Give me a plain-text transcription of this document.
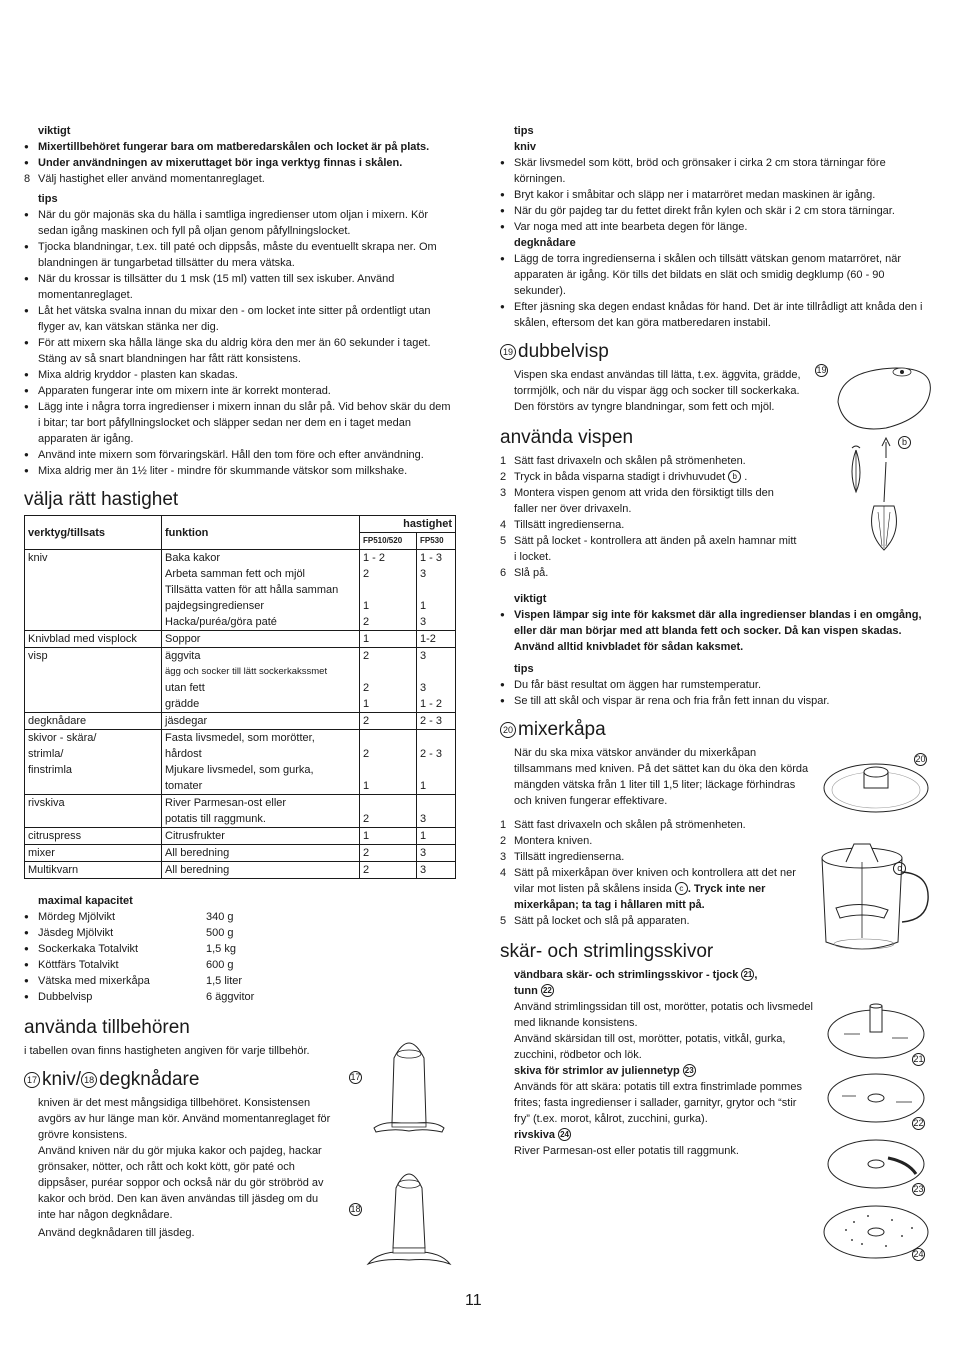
viktigt
● Mixertillbehöret fungerar bara om matberedarskålen och locket är på plats.
● Under användningen av mixeruttaget bör inga verktyg finnas i skålen.
8 Välj hastighet eller använd momentanreglaget.
tips
● När du gör majonäs ska du hälla i samtliga ingredienser utom oljan i mixern. Kör sedan igång maskinen och fyll på oljan genom påfyllningslocket.
● Tjocka blandningar, t.ex. till paté och dippsås, måste du eventuellt skrapa ner. Om blandningen är tungarbetad tillsätter du mera vätska.
● När du krossar is tillsätter du 1 msk (15 ml) vatten till sex iskuber. Använd momentanreglaget.
● Låt het vätska svalna innan du mixar den - om locket inte sitter på ordentligt utan flyger av, kan vätskan stänka ner dig.
● För att mixern ska hålla länge ska du aldrig köra den mer än 60 sekunder i taget. Stäng av så snart blandningen har fått rätt konsistens.
● Mixa aldrig kryddor - plasten kan skadas.
● Apparaten fungerar inte om mixern inte är korrekt monterad.
● Lägg inte i några torra ingredienser i mixern innan du slår på. Vid behov skär du dem i bitar; tar bort påfyllningslocket och släpper sedan ner dem en i taget medan apparaten är igång.
● Använd inte mixern som förvaringskärl. Håll den tom före och efter användning.
● Mixa aldrig mer än 1½ liter - mindre för skummande vätskor som milkshake.
välja rätt hastighet
verktyg/tillsats	funktion	hastighet	
		FP510/520	FP530
kniv	Baka kakor	1 - 2	1 - 3
	Arbeta samman fett och mjöl	2	3
	Tillsätta vatten för att hålla samman		
	pajdegsingredienser	1	1
	Hacka/puréa/göra paté	2	3
Knivblad med visplock	Soppor	1	1-2
visp	äggvita	2	3
	ägg och socker till lätt sockerkakssmet		
	utan fett	2	3
	grädde	1	1 - 2
degknådare	jäsdegar	2	2 - 3
skivor - skära/	Fasta livsmedel, som morötter,		
strimla/	hårdost	2	2 - 3
finstrimla	Mjukare livsmedel, som gurka,		
	tomater	1	1
rivskiva	River Parmesan-ost eller		
	potatis till raggmunk.	2	3
citruspress	Citrusfrukter	1	1
mixer	All beredning	2	3
Multikvarn	All beredning	2	3
maximal kapacitet
● Mördeg Mjölvikt	340 g
● Jäsdeg Mjölvikt	500 g
● Sockerkaka Totalvikt	1,5 kg
● Köttfärs Totalvikt	600 g
● Vätska med mixerkåpa	1,5 liter
● Dubbelvisp	6 äggvitor
använda tillbehören
i tabellen ovan finns hastigheten angiven för varje tillbehör.
17 kniv/ 18 degknådare
kniven är det mest mångsidiga tillbehöret. Konsistensen avgörs av hur länge man kör. Använd momentanreglaget för grövre konsistens.
Använd kniven när du gör mjuka kakor och pajdeg, hackar grönsaker, nötter, och rått och kokt kött, gör paté och dippsåser, puréar soppor och också när du gör ströbröd av kakor och bröd. Den kan även användas till jäsdeg om du inte har någon degknådare.
Använd degknådaren till jäsdeg.
17
18
tips
kniv
● Skär livsmedel som kött, bröd och grönsaker i cirka 2 cm stora tärningar före körningen.
● Bryt kakor i småbitar och släpp ner i matarröret medan maskinen är igång.
● När du gör pajdeg tar du fettet direkt från kylen och skär i 2 cm stora tärningar.
● Var noga med att inte bearbeta degen för länge.
degknådare
● Lägg de torra ingredienserna i skålen och tillsätt vätskan genom matarröret, när apparaten är igång. Kör tills det bildats en slät och smidig degklump (60 - 90 sekunder).
● Efter jäsning ska degen endast knådas för hand. Det är inte tillrådligt att knåda den i skålen, eftersom det kan göra matberedaren instabil.
19 dubbelvisp
Vispen ska endast användas till lätta, t.ex. äggvita, grädde, torrmjölk, och när du vispar ägg och socker till sockerkaka. Den förstörs av tyngre blandningar, som fett och mjöl.
använda vispen
1 Sätt fast drivaxeln och skålen på strömenheten.
2 Tryck in båda visparna stadigt i drivhuvudet b .
3 Montera vispen genom att vrida den försiktigt tills den faller ner över drivaxeln.
4 Tillsätt ingredienserna.
5 Sätt på locket - kontrollera att änden på axeln hamnar mitt i locket.
6 Slå på.
viktigt
● Vispen lämpar sig inte för kaksmet där alla ingredienser blandas i en omgång, eller där man börjar med att blanda fett och socker. Då kan vispen skadas. Använd alltid knivbladet för sådan kaksmet.
tips
● Du får bäst resultat om äggen har rumstemperatur.
● Se till att skål och vispar är rena och fria från fett innan du vispar.
20 mixerkåpa
När du ska mixa vätskor använder du mixerkåpan tillsammans med kniven. På det sättet kan du öka den körda mängden vätska från 1 liter till 1,5 liter; läckage förhindras och kniven fungerar effektivare.
1 Sätt fast drivaxeln och skålen på strömenheten.
2 Montera kniven.
3 Tillsätt ingredienserna.
4 Sätt på mixerkåpan över kniven och kontrollera att det ner vilar mot listen på skålens insida c . Tryck inte ner mixerkåpan; ta tag i hållaren mitt på.
5 Sätt på locket och slå på apparaten.
skär- och strimlingsskivor
vändbara skär- och strimlingsskivor - tjock 21 ,
tunn 22
Använd strimlingssidan till ost, morötter, potatis och livsmedel med liknande konsistens.
Använd skärsidan till ost, morötter, potatis, vitkål, gurka, zucchini, rödbetor och lök.
skiva för strimlor av juliennetyp 23
Används för att skära: potatis till extra finstrimlade pommes frites; fasta ingredienser i sallader, garnityr, grytor och “stir fry” (t.ex. morot, kålrot, zucchini, gurka).
rivskiva 24
River Parmesan-ost eller potatis till raggmunk.
19
b
20
c
21
22
23
24
11
